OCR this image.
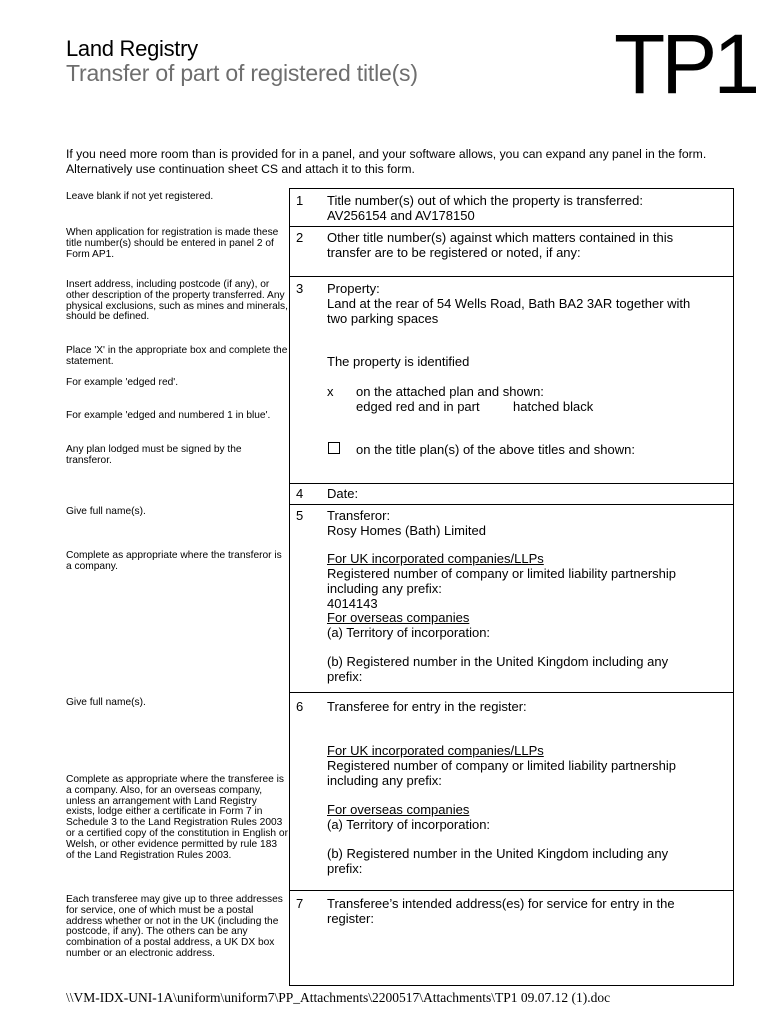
Land Registry
Transfer of part of registered title(s) TP1
If you need more room than is provided for in a panel, and your software allows, you can expand any panel in the form. Alternatively use continuation sheet CS and attach it to this form.
Leave blank if not yet registered.
When application for registration is made these title number(s) should be entered in panel 2 of Form AP1.
Insert address, including postcode (if any), or other description of the property transferred. Any physical exclusions, such as mines and minerals, should be defined.
Place 'X' in the appropriate box and complete the statement.
For example 'edged red'.
For example 'edged and numbered 1 in blue'.
Any plan lodged must be signed by the transferor.
Give full name(s).
Complete as appropriate where the transferor is a company.
Give full name(s).
Complete as appropriate where the transferee is a company. Also, for an overseas company, unless an arrangement with Land Registry exists, lodge either a certificate in Form 7 in Schedule 3 to the Land Registration Rules 2003 or a certified copy of the constitution in English or Welsh, or other evidence permitted by rule 183 of the Land Registration Rules 2003.
Each transferee may give up to three addresses for service, one of which must be a postal address whether or not in the UK (including the postcode, if any). The others can be any combination of a postal address, a UK DX box number or an electronic address.
1 Title number(s) out of which the property is transferred:
AV256154 and AV178150
2 Other title number(s) against which matters contained in this
transfer are to be registered or noted, if any:
3 Property:
Land at the rear of 54 Wells Road, Bath BA2 3AR together with
two parking spaces
The property is identified
x on the attached plan and shown:
edged red and in part	hatched black
on the title plan(s) of the above titles and shown:
4 Date:
5 Transferor:
Rosy Homes (Bath) Limited
For UK incorporated companies/LLPs
Registered number of company or limited liability partnership
including any prefix:
4014143
For overseas companies
(a) Territory of incorporation:
(b) Registered number in the United Kingdom including any
prefix:
6 Transferee for entry in the register:
For UK incorporated companies/LLPs
Registered number of company or limited liability partnership
including any prefix:
For overseas companies
(a) Territory of incorporation:
(b) Registered number in the United Kingdom including any
prefix:
7 Transferee’s intended address(es) for service for entry in the
register:
\\VM-IDX-UNI-1A\uniform\uniform7\PP_Attachments\2200517\Attachments\TP1 09.07.12 (1).doc
